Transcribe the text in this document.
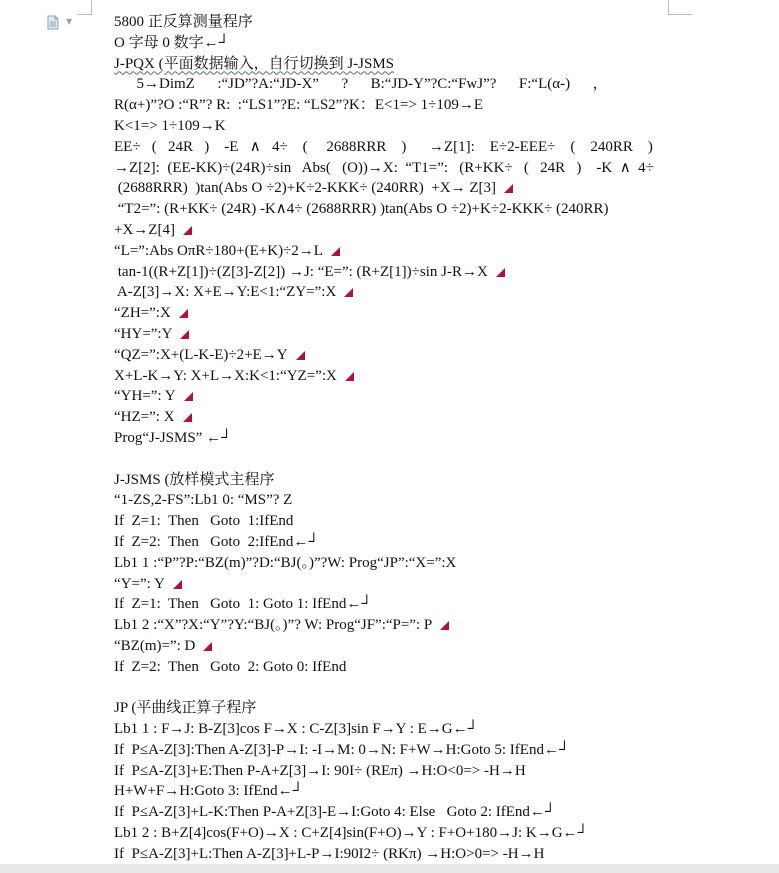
▼	5800 正反算测量程序
O 字母 0 数字←┘
J-PQX (平面数据输入，自行切换到 J-JSMS
5→DimZ      :“JD”?A:“JD-X”      ?      B:“JD-Y”?C:“FwJ”?      F:“L(α-)      ，
R(α+)”?O :“R”? R:  :“LS1”?E: “LS2”?K：E<1=> 1÷109→E
K<1=> 1÷109→K
EE÷   (   24R   )    -E   ∧   4÷    (     2688RRR    )      →Z[1]:    E÷2-EEE÷    (    240RR    )
→Z[2]:  (EE-KK)÷(24R)÷sin   Abs(   (O))→X:  “T1=”:   (R+KK÷   (   24R   )    -K  ∧  4÷
(2688RRR)  )tan(Abs O ÷2)+K÷2-KKK÷ (240RR)  +X→ Z[3]
“T2=”: (R+KK÷ (24R) -K∧4÷ (2688RRR) )tan(Abs O ÷2)+K÷2-KKK÷ (240RR)
+X→Z[4]
“L=”:Abs OπR÷180+(E+K)÷2→L
tan-1((R+Z[1])÷(Z[3]-Z[2]) →J: “E=”: (R+Z[1])÷sin J-R→X
A-Z[3]→X: X+E→Y:E<1:“ZY=”:X
“ZH=”:X
“HY=”:Y
“QZ=”:X+(L-K-E)÷2+E→Y
X+L-K→Y: X+L→X:K<1:“YZ=”:X
“YH=”: Y
“HZ=”: X
Prog“J-JSMS” ←┘
J-JSMS (放样模式主程序
“1-ZS,2-FS”:Lb1 0: “MS”? Z
If  Z=1:  Then   Goto  1:IfEnd
If  Z=2:  Then   Goto  2:IfEnd←┘
Lb1 1 :“P”?P:“BZ(m)”?D:“BJ(。)”?W: Prog“JP”:“X=”:X
“Y=”: Y
If  Z=1:  Then   Goto  1: Goto 1: IfEnd←┘
Lb1 2 :“X”?X:“Y”?Y:“BJ(。)”? W: Prog“JF”:“P=”: P
“BZ(m)=”: D
If  Z=2:  Then   Goto  2: Goto 0: IfEnd
JP (平曲线正算子程序
Lb1 1 : F→J: B-Z[3]cos F→X : C-Z[3]sin F→Y : E→G←┘
If  P≤A-Z[3]:Then A-Z[3]-P→I: -I→M: 0→N: F+W→H:Goto 5: IfEnd←┘
If  P≤A-Z[3]+E:Then P-A+Z[3]→I: 90I÷ (REπ) →H:O<0=> -H→H
H+W+F→H:Goto 3: IfEnd←┘
If  P≤A-Z[3]+L-K:Then P-A+Z[3]-E→I:Goto 4: Else   Goto 2: IfEnd←┘
Lb1 2 : B+Z[4]cos(F+O)→X : C+Z[4]sin(F+O)→Y : F+O+180→J: K→G←┘
If  P≤A-Z[3]+L:Then A-Z[3]+L-P→I:90I2÷ (RKπ) →H:O>0=> -H→H
